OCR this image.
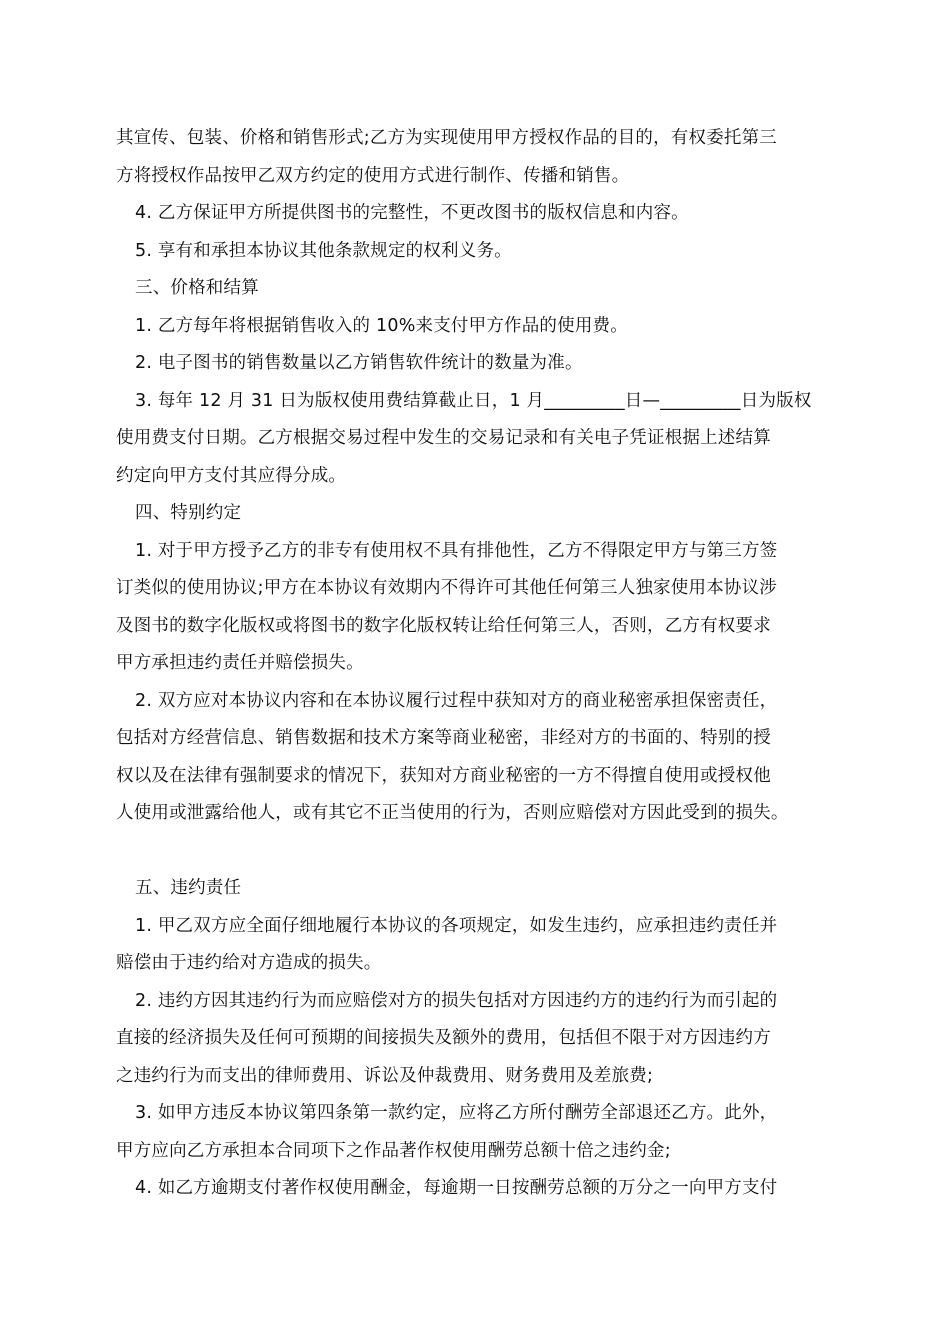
其宣传、包装、价格和销售形式;乙方为实现使用甲方授权作品的目的，有权委托第三
方将授权作品按甲乙双方约定的使用方式进行制作、传播和销售。
4. 乙方保证甲方所提供图书的完整性，不更改图书的版权信息和内容。
5. 享有和承担本协议其他条款规定的权利义务。
三、价格和结算
1. 乙方每年将根据销售收入的 10%来支付甲方作品的使用费。
2. 电子图书的销售数量以乙方销售软件统计的数量为准。
3. 每年 12 月 31 日为版权使用费结算截止日，1 月_________日—_________日为版权
使用费支付日期。乙方根据交易过程中发生的交易记录和有关电子凭证根据上述结算
约定向甲方支付其应得分成。
四、特别约定
1. 对于甲方授予乙方的非专有使用权不具有排他性，乙方不得限定甲方与第三方签
订类似的使用协议;甲方在本协议有效期内不得许可其他任何第三人独家使用本协议涉
及图书的数字化版权或将图书的数字化版权转让给任何第三人，否则，乙方有权要求
甲方承担违约责任并赔偿损失。
2. 双方应对本协议内容和在本协议履行过程中获知对方的商业秘密承担保密责任，
包括对方经营信息、销售数据和技术方案等商业秘密，非经对方的书面的、特别的授
权以及在法律有强制要求的情况下，获知对方商业秘密的一方不得擅自使用或授权他
人使用或泄露给他人，或有其它不正当使用的行为，否则应赔偿对方因此受到的损失。
五、违约责任
1. 甲乙双方应全面仔细地履行本协议的各项规定，如发生违约，应承担违约责任并
赔偿由于违约给对方造成的损失。
2. 违约方因其违约行为而应赔偿对方的损失包括对方因违约方的违约行为而引起的
直接的经济损失及任何可预期的间接损失及额外的费用，包括但不限于对方因违约方
之违约行为而支出的律师费用、诉讼及仲裁费用、财务费用及差旅费;
3. 如甲方违反本协议第四条第一款约定，应将乙方所付酬劳全部退还乙方。此外，
甲方应向乙方承担本合同项下之作品著作权使用酬劳总额十倍之违约金;
4. 如乙方逾期支付著作权使用酬金，每逾期一日按酬劳总额的万分之一向甲方支付
